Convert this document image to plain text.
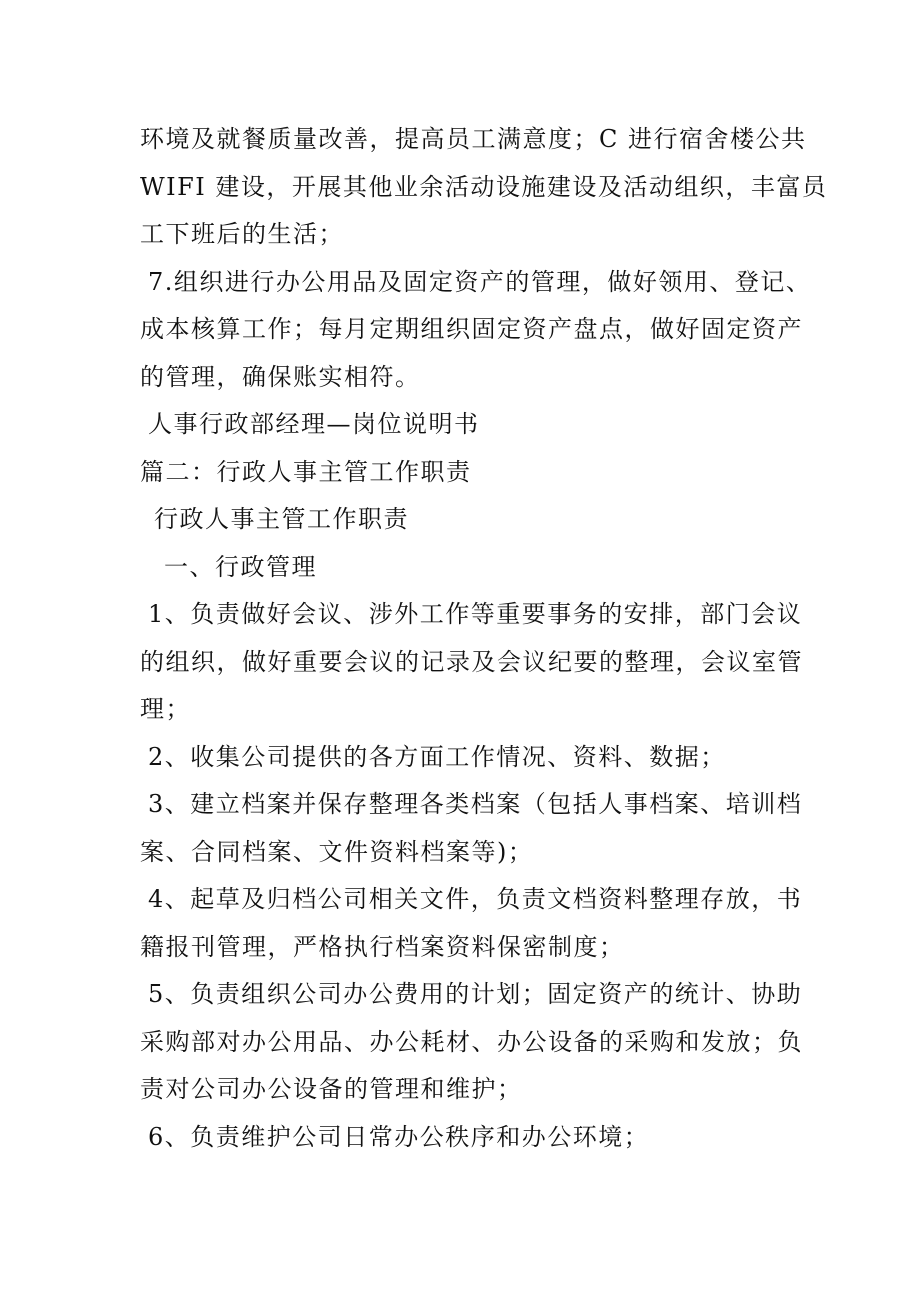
环境及就餐质量改善，提高员工满意度；C 进行宿舍楼公共
WIFI 建设，开展其他业余活动设施建设及活动组织，丰富员
工下班后的生活；
7.组织进行办公用品及固定资产的管理，做好领用、登记、
成本核算工作；每月定期组织固定资产盘点，做好固定资产
的管理，确保账实相符。
人事行政部经理—岗位说明书
篇二：行政人事主管工作职责
行政人事主管工作职责
一、行政管理
1、负责做好会议、涉外工作等重要事务的安排，部门会议
的组织，做好重要会议的记录及会议纪要的整理，会议室管
理；
2、收集公司提供的各方面工作情况、资料、数据；
3、建立档案并保存整理各类档案（包括人事档案、培训档
案、合同档案、文件资料档案等)；
4、起草及归档公司相关文件，负责文档资料整理存放，书
籍报刊管理，严格执行档案资料保密制度；
5、负责组织公司办公费用的计划；固定资产的统计、协助
采购部对办公用品、办公耗材、办公设备的采购和发放；负
责对公司办公设备的管理和维护；
6、负责维护公司日常办公秩序和办公环境；
